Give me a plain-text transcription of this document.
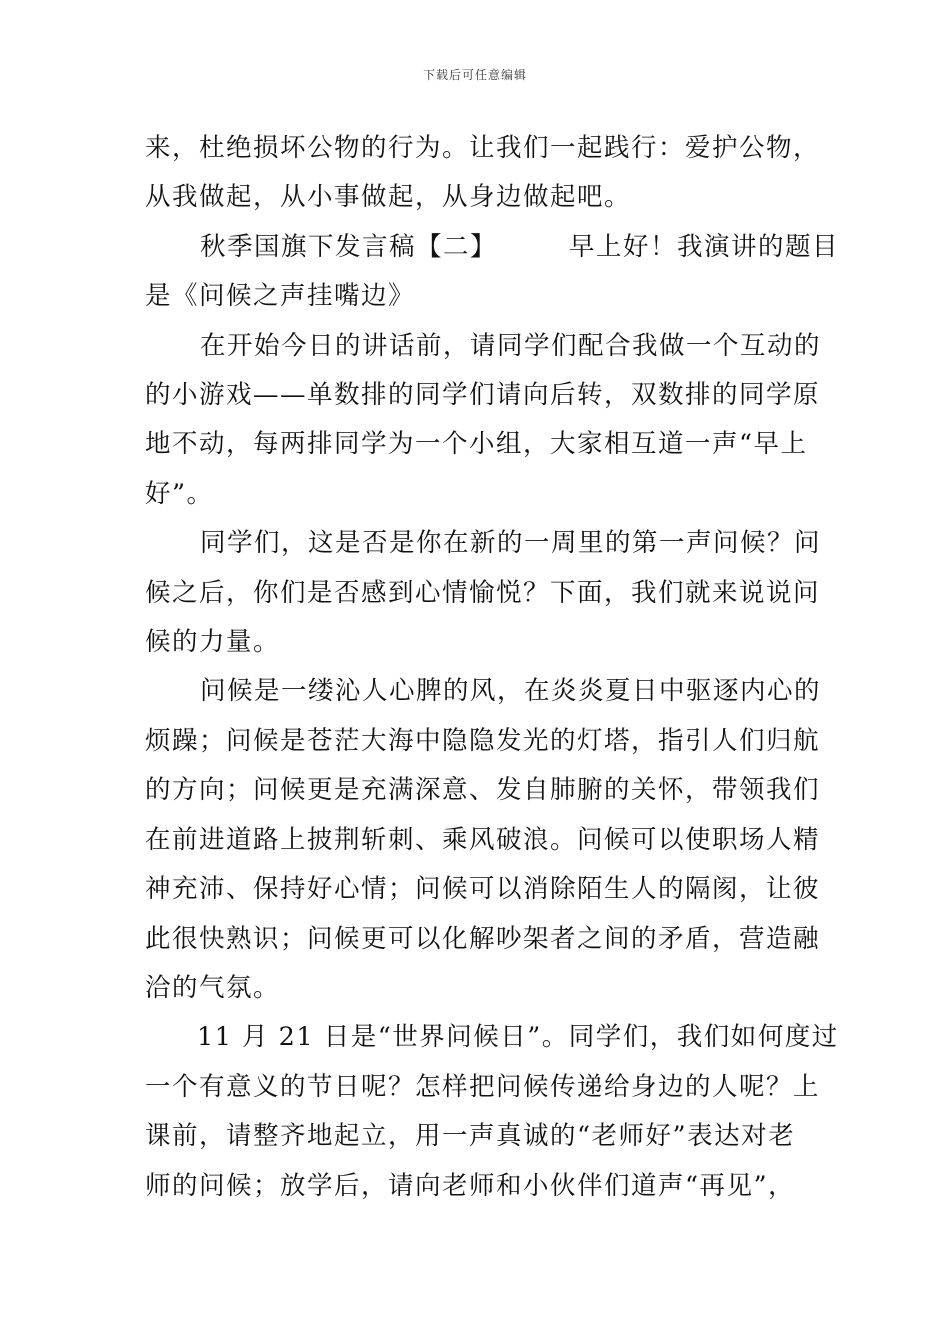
下载后可任意编辑

来，杜绝损坏公物的行为。让我们一起践行：爱护公物，
从我做起，从小事做起，从身边做起吧。

秋季国旗下发言稿【二】	早上好！我演讲的题目
是《问候之声挂嘴边》

在开始今日的讲话前，请同学们配合我做一个互动的
的小游戏——单数排的同学们请向后转，双数排的同学原
地不动，每两排同学为一个小组，大家相互道一声“早上
好”。

同学们，这是否是你在新的一周里的第一声问候？问
候之后，你们是否感到心情愉悦？下面，我们就来说说问
候的力量。

问候是一缕沁人心脾的风，在炎炎夏日中驱逐内心的
烦躁；问候是苍茫大海中隐隐发光的灯塔，指引人们归航
的方向；问候更是充满深意、发自肺腑的关怀，带领我们
在前进道路上披荆斩刺、乘风破浪。问候可以使职场人精
神充沛、保持好心情；问候可以消除陌生人的隔阂，让彼
此很快熟识；问候更可以化解吵架者之间的矛盾，营造融
洽的气氛。

11 月 21 日是“世界问候日”。同学们，我们如何度过
一个有意义的节日呢？怎样把问候传递给身边的人呢？上
课前，请整齐地起立，用一声真诚的“老师好”表达对老
师的问候；放学后，请向老师和小伙伴们道声“再见”，
